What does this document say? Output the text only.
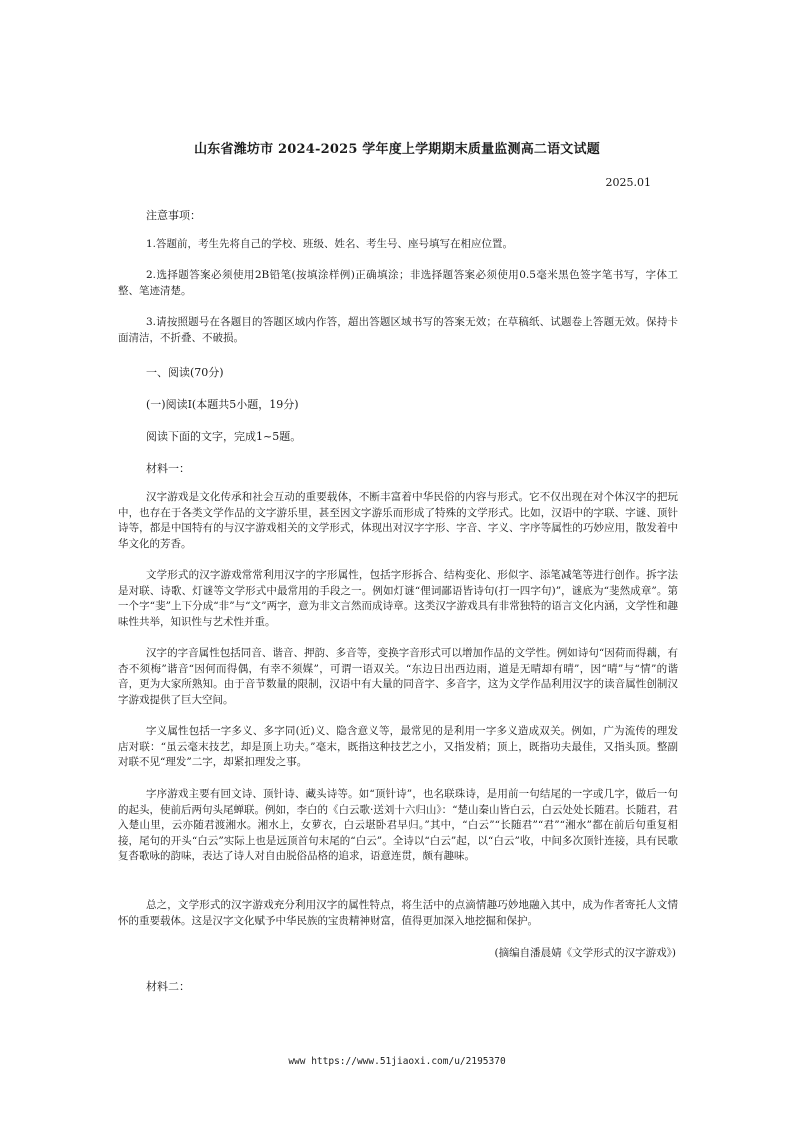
山东省潍坊市 2024-2025 学年度上学期期末质量监测高二语文试题
2025.01
注意事项：
1.答题前，考生先将自己的学校、班级、姓名、考生号、座号填写在相应位置。
2.选择题答案必须使用2B铅笔(按填涂样例)正确填涂；非选择题答案必须使用0.5毫米黑色签字笔书写，字体工整、笔迹清楚。
3.请按照题号在各题目的答题区域内作答，超出答题区域书写的答案无效；在草稿纸、试题卷上答题无效。保持卡面清洁，不折叠、不破损。
一、阅读(70分)
(一)阅读Ⅰ(本题共5小题，19分)
阅读下面的文字，完成1~5题。
材料一：
汉字游戏是文化传承和社会互动的重要载体，不断丰富着中华民俗的内容与形式。它不仅出现在对个体汉字的把玩中，也存在于各类文学作品的文字游乐里，甚至因文字游乐而形成了特殊的文学形式。比如，汉语中的字联、字谜、顶针诗等，都是中国特有的与汉字游戏相关的文学形式，体现出对汉字字形、字音、字义、字序等属性的巧妙应用，散发着中华文化的芳香。
文学形式的汉字游戏常常利用汉字的字形属性，包括字形拆合、结构变化、形似字、添笔减笔等进行创作。拆字法是对联、诗歌、灯谜等文学形式中最常用的手段之一。例如灯谜“俚词鄙语皆诗句(打一四字句)”，谜底为“斐然成章”。第一个字“斐”上下分成“非”与“文”两字，意为非文言然而成诗章。这类汉字游戏具有非常独特的语言文化内涵，文学性和趣味性共举，知识性与艺术性并重。
汉字的字音属性包括同音、谐音、押韵、多音等，变换字音形式可以增加作品的文学性。例如诗句“因荷而得藕，有杏不须梅”谐音“因何而得偶，有幸不须媒”，可谓一语双关。“东边日出西边雨，道是无晴却有晴”，因“晴”与“情”的谐音，更为大家所熟知。由于音节数量的限制，汉语中有大量的同音字、多音字，这为文学作品利用汉字的读音属性创制汉字游戏提供了巨大空间。
字义属性包括一字多义、多字同(近)义、隐含意义等，最常见的是利用一字多义造成双关。例如，广为流传的理发店对联：“虽云毫末技艺，却是顶上功夫。”毫末，既指这种技艺之小，又指发梢；顶上，既指功夫最佳，又指头顶。整副对联不见“理发”二字，却紧扣理发之事。
字序游戏主要有回文诗、顶针诗、藏头诗等。如“顶针诗”，也名联珠诗，是用前一句结尾的一字或几字，做后一句的起头，使前后两句头尾蝉联。例如，李白的《白云歌·送刘十六归山》：“楚山秦山皆白云，白云处处长随君。长随君，君入楚山里，云亦随君渡湘水。湘水上，女萝衣，白云堪卧君早归。”其中，“白云”“长随君”“君”“湘水”都在前后句重复相接，尾句的开头“白云”实际上也是远顶首句末尾的“白云”。全诗以“白云”起，以“白云”收，中间多次顶针连接，具有民歌复沓歌咏的韵味，表达了诗人对自由脱俗品格的追求，语意连贯，颇有趣味。
总之，文学形式的汉字游戏充分利用汉字的属性特点，将生活中的点滴情趣巧妙地融入其中，成为作者寄托人文情怀的重要载体。这是汉字文化赋予中华民族的宝贵精神财富，值得更加深入地挖掘和保护。
(摘编自潘晨婧《文学形式的汉字游戏》)
材料二：
www https://www.51jiaoxi.com/u/2195370
